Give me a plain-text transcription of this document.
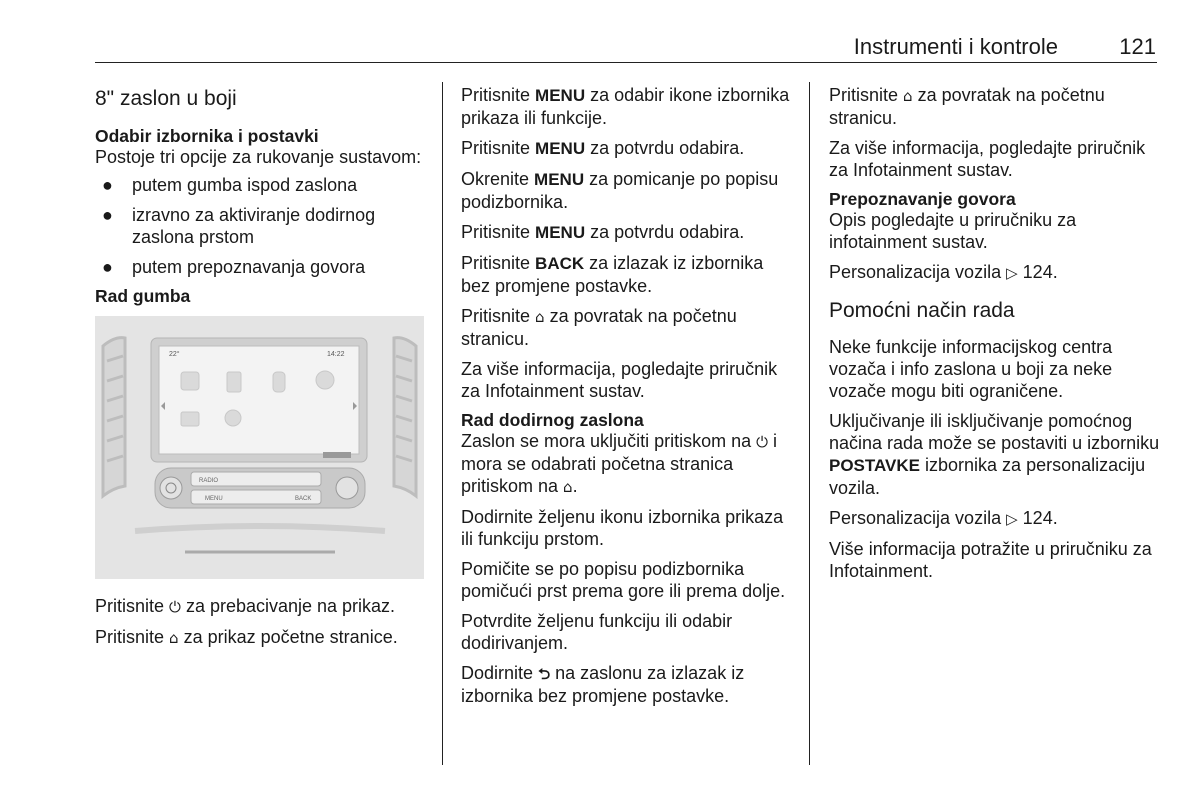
Instrumenti i kontrole	121
8" zaslon u boji
Odabir izbornika i postavki

Postoje tri opcije za rukovanje sustavom:

● putem gumba ispod zaslona
● izravno za aktiviranje dodirnog zaslona prstom
● putem prepoznavanja govora
Rad gumba
22°	14:22
RADIO
MENU	BACK

Pritisnite ⏻ za prebacivanje na prikaz.

Pritisnite ⌂ za prikaz početne stranice.

Pritisnite MENU za odabir ikone izbornika prikaza ili funkcije.

Pritisnite MENU za potvrdu odabira.

Okrenite MENU za pomicanje po popisu podizbornika.

Pritisnite MENU za potvrdu odabira.

Pritisnite BACK za izlazak iz izbornika bez promjene postavke.

Pritisnite ⌂ za povratak na početnu stranicu.

Za više informacija, pogledajte priručnik za Infotainment sustav.

Rad dodirnog zaslona

Zaslon se mora uključiti pritiskom na ⏻ i mora se odabrati početna stranica pritiskom na ⌂.

Dodirnite željenu ikonu izbornika prikaza ili funkciju prstom.

Pomičite se po popisu podizbornika pomičući prst prema gore ili prema dolje.

Potvrdite željenu funkciju ili odabir dodirivanjem.

Dodirnite ⮌ na zaslonu za izlazak iz izbornika bez promjene postavke.

Pritisnite ⌂ za povratak na početnu stranicu.

Za više informacija, pogledajte priručnik za Infotainment sustav.

Prepoznavanje govora

Opis pogledajte u priručniku za infotainment sustav.

Personalizacija vozila ▷ 124.

Pomoćni način rada

Neke funkcije informacijskog centra vozača i info zaslona u boji za neke vozače mogu biti ograničene.

Uključivanje ili isključivanje pomoćnog načina rada može se postaviti u izborniku POSTAVKE izbornika za personalizaciju vozila.

Personalizacija vozila ▷ 124.

Više informacija potražite u priručniku za Infotainment.
